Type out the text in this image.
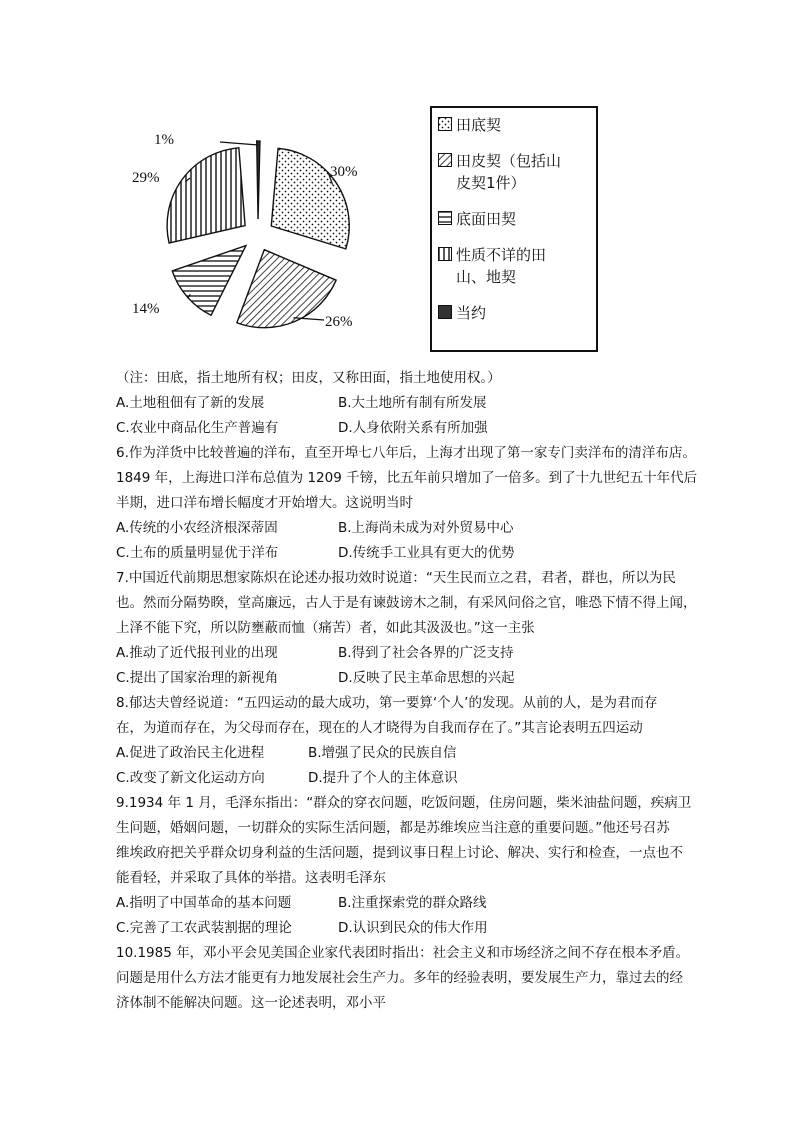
30%
26%
14%
29%
1%
田底契
田皮契（包括山
皮契1件）
底面田契
性质不详的田
山、地契
当约
（注：田底，指土地所有权；田皮，又称田面，指土地使用权。）
A.土地租佃有了新的发展	B.大土地所有制有所发展
C.农业中商品化生产普遍有	D.人身依附关系有所加强
6.作为洋货中比较普遍的洋布，直至开埠七八年后，上海才出现了第一家专门卖洋布的清洋布店。
1849 年，上海进口洋布总值为 1209 千镑，比五年前只增加了一倍多。到了十九世纪五十年代后
半期，进口洋布增长幅度才开始增大。这说明当时
A.传统的小农经济根深蒂固	B.上海尚未成为对外贸易中心
C.土布的质量明显优于洋布	D.传统手工业具有更大的优势
7.中国近代前期思想家陈炽在论述办报功效时说道：“天生民而立之君，君者，群也，所以为民
也。然而分隔势睽，堂高廉远，古人于是有谏鼓谤木之制，有采风问俗之官，唯恐下情不得上闻，
上泽不能下究，所以防壅蔽而恤（痛苦）者，如此其汲汲也。”这一主张
A.推动了近代报刊业的出现	B.得到了社会各界的广泛支持
C.提出了国家治理的新视角	D.反映了民主革命思想的兴起
8.郁达夫曾经说道：“五四运动的最大成功，第一要算‘个人’的发现。从前的人，是为君而存
在，为道而存在，为父母而存在，现在的人才晓得为自我而存在了。”其言论表明五四运动
A.促进了政治民主化进程	B.增强了民众的民族自信
C.改变了新文化运动方向	D.提升了个人的主体意识
9.1934 年 1 月，毛泽东指出：“群众的穿衣问题，吃饭问题，住房问题，柴米油盐问题，疾病卫
生问题，婚姻问题，一切群众的实际生活问题，都是苏维埃应当注意的重要问题。”他还号召苏
维埃政府把关乎群众切身利益的生活问题，提到议事日程上讨论、解决、实行和检查，一点也不
能看轻，并采取了具体的举措。这表明毛泽东
A.指明了中国革命的基本问题	B.注重探索党的群众路线
C.完善了工农武装割据的理论	D.认识到民众的伟大作用
10.1985 年，邓小平会见美国企业家代表团时指出：社会主义和市场经济之间不存在根本矛盾。
问题是用什么方法才能更有力地发展社会生产力。多年的经验表明，要发展生产力，靠过去的经
济体制不能解决问题。这一论述表明，邓小平
